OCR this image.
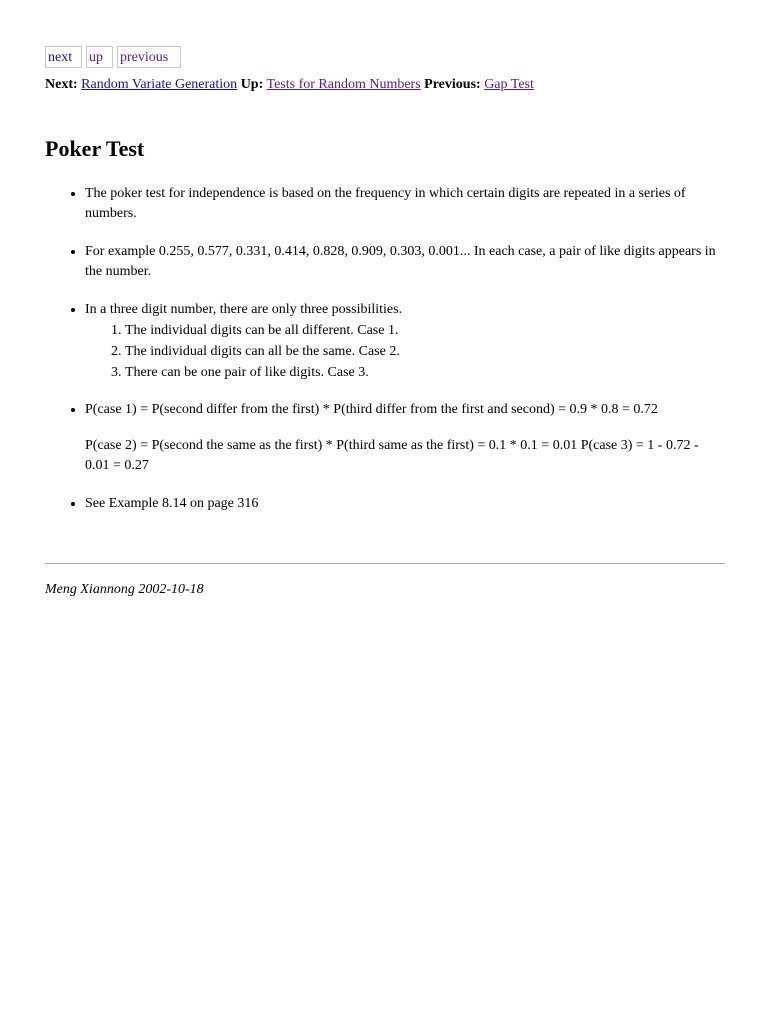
next	up	previous
Next: Random Variate Generation Up: Tests for Random Numbers Previous: Gap Test
Poker Test
• The poker test for independence is based on the frequency in which certain digits are repeated in a series of numbers.
• For example 0.255, 0.577, 0.331, 0.414, 0.828, 0.909, 0.303, 0.001... In each case, a pair of like digits appears in the number.
• In a three digit number, there are only three possibilities.
1. The individual digits can be all different. Case 1.
2. The individual digits can all be the same. Case 2.
3. There can be one pair of like digits. Case 3.
• P(case 1) = P(second differ from the first) * P(third differ from the first and second) = 0.9 * 0.8 = 0.72

P(case 2) = P(second the same as the first) * P(third same as the first) = 0.1 * 0.1 = 0.01 P(case 3) = 1 - 0.72 - 0.01 = 0.27

• See Example 8.14 on page 316
Meng Xiannong 2002-10-18
